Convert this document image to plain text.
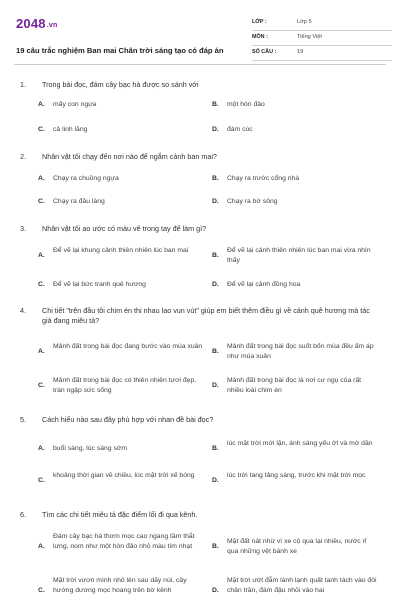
2048.vn
19 câu trắc nghiệm Ban mai Chân trời sáng tạo có đáp án
LỚP :	Lớp 5
MÔN :	Tiếng Việt
SỐ CÂU :	19
1. Trong bài đọc, đám cây bạc hà được so sánh với
A. mấy con ngựa	B. một hòn đảo
C. cả linh lăng	D. đám cúc
2. Nhân vật tôi chạy đến nơi nào để ngắm cảnh ban mai?
A. Chạy ra chuồng ngựa	B. Chạy ra trước cổng nhà
C. Chạy ra đầu làng	D. Chạy ra bờ sông
3. Nhân vật tôi ao ước có màu vẽ trong tay để làm gì?
A.
Để vẽ lại khung cảnh thiên nhiên lúc ban mai
B.
Để vẽ lại cảnh thiên nhiên lúc ban mai vừa nhìn thấy
C. Để vẽ lại bức tranh quê hương	D. Để vẽ lại cảnh đồng hoa
4. Chi tiết "trên đầu tôi chim én thi nhau lao vun vút" giúp em biết thêm điều gì về cảnh quê hương mà tác giả đang miêu tả?
A.
Mảnh đất trong bài đọc đang bước vào mùa xuân
B.
Mảnh đất trong bài đọc suốt bốn mùa đều ấm áp như mùa xuân
C.
Mảnh đất trong bài đọc có thiên nhiên tươi đẹp, tràn ngập sức sống
D.
Mảnh đất trong bài đọc là nơi cư ngụ của rất nhiều loài chim én
5. Cách hiểu nào sau đây phù hợp với nhan đề bài đọc?
A. buổi sáng, lúc sáng sớm	B.
lúc mặt trời mới lặn, ánh sáng yếu ớt và mờ dần
C.
khoảng thời gian về chiều, lúc mặt trời xế bóng
D.
lúc trời tang tảng sáng, trước khi mặt trời mọc
6. Tìm các chi tiết miêu tả đặc điểm lối đi qua kênh.
A.
Đám cây bạc hà thơm mọc cao ngang tầm thắt lưng, nom như một hòn đảo nhỏ màu tím nhạt	B.
Mặt đất nát nhừ vì xe cộ qua lại nhiều, nước rỉ qua những vệt bánh xe
C.
Mặt trời vươn mình nhô lên sau dãy núi, cây hướng dương mọc hoang trên bờ kênh	D.
Mặt trời ướt đẫm lành lạnh quất tanh tách vào đôi chân trần, đám đậu nhỏi vào hai
